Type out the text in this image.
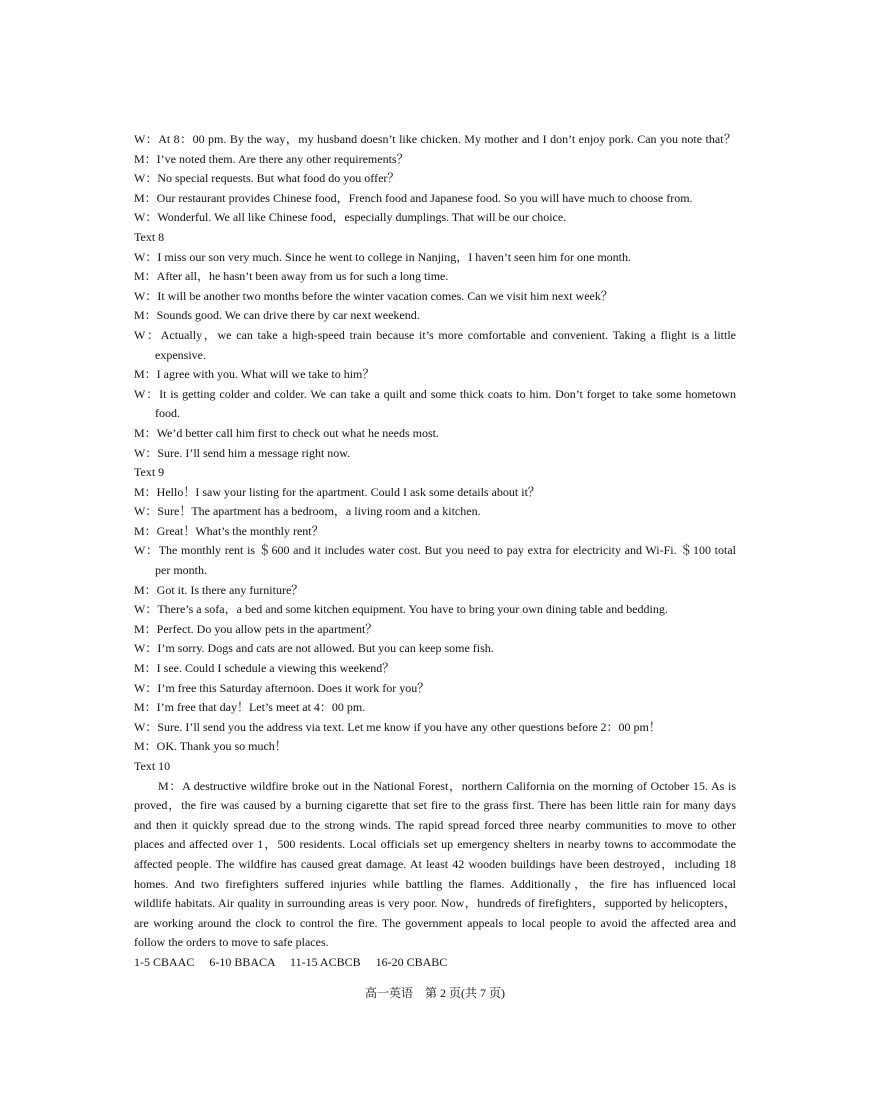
W：At 8：00 pm. By the way，my husband doesn’t like chicken. My mother and I don’t enjoy pork. Can you note that？
M：I’ve noted them. Are there any other requirements？
W：No special requests. But what food do you offer？
M：Our restaurant provides Chinese food，French food and Japanese food. So you will have much to choose from.
W：Wonderful. We all like Chinese food，especially dumplings. That will be our choice.
Text 8
W：I miss our son very much. Since he went to college in Nanjing，I haven’t seen him for one month.
M：After all，he hasn’t been away from us for such a long time.
W：It will be another two months before the winter vacation comes. Can we visit him next week？
M：Sounds good. We can drive there by car next weekend.
W：Actually，we can take a high-speed train because it’s more comfortable and convenient. Taking a flight is a little
expensive.
M：I agree with you. What will we take to him？
W：It is getting colder and colder. We can take a quilt and some thick coats to him. Don’t forget to take some hometown
food.
M：We’d better call him first to check out what he needs most.
W：Sure. I’ll send him a message right now.
Text 9
M：Hello！I saw your listing for the apartment. Could I ask some details about it？
W：Sure！The apartment has a bedroom，a living room and a kitchen.
M：Great！What’s the monthly rent？
W：The monthly rent is ＄600 and it includes water cost. But you need to pay extra for electricity and Wi-Fi. ＄100 total
per month.
M：Got it. Is there any furniture？
W：There’s a sofa，a bed and some kitchen equipment. You have to bring your own dining table and bedding.
M：Perfect. Do you allow pets in the apartment？
W：I’m sorry. Dogs and cats are not allowed. But you can keep some fish.
M：I see. Could I schedule a viewing this weekend？
W：I’m free this Saturday afternoon. Does it work for you？
M：I’m free that day！Let’s meet at 4：00 pm.
W：Sure. I’ll send you the address via text. Let me know if you have any other questions before 2：00 pm！
M：OK. Thank you so much！
Text 10
M：A destructive wildfire broke out in the National Forest，northern California on the morning of October 15. As is
proved，the fire was caused by a burning cigarette that set fire to the grass first. There has been little rain for many days
and then it quickly spread due to the strong winds. The rapid spread forced three nearby communities to move to other
places and affected over 1，500 residents. Local officials set up emergency shelters in nearby towns to accommodate the
affected people. The wildfire has caused great damage. At least 42 wooden buildings have been destroyed，including 18
homes. And two firefighters suffered injuries while battling the flames. Additionally，the fire has influenced local
wildlife habitats. Air quality in surrounding areas is very poor. Now，hundreds of firefighters，supported by helicopters，
are working around the clock to control the fire. The government appeals to local people to avoid the affected area and
follow the orders to move to safe places.
1-5 CBAAC　 6-10 BBACA　 11-15 ACBCB　 16-20 CBABC
高一英语　第 2 页(共 7 页)
